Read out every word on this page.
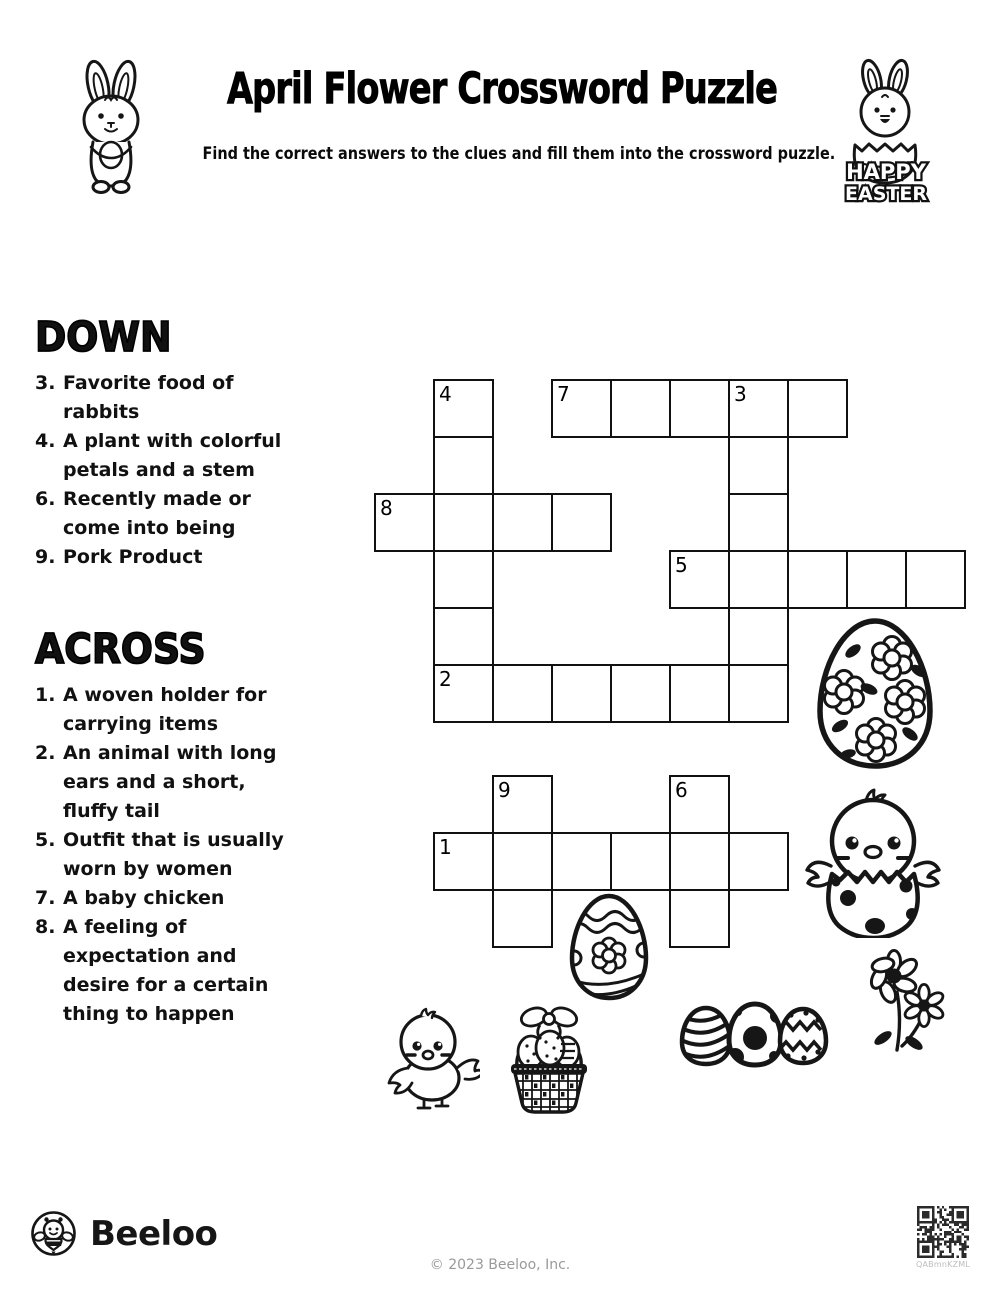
April Flower Crossword Puzzle
Find the correct answers to the clues and fill them into the crossword puzzle.
HAPPY
EASTER
DOWN
3. Favorite food of rabbits
4. A plant with colorful petals and a stem
6. Recently made or come into being
9. Pork Product
ACROSS
1. A woven holder for carrying items
2. An animal with long ears and a short, fluffy tail
5. Outfit that is usually worn by women
7. A baby chicken
8. A feeling of expectation and desire for a certain thing to happen
4	7	3
8
5
2
9	6
1
Beeloo
© 2023 Beeloo, Inc.	QABmnKZML
